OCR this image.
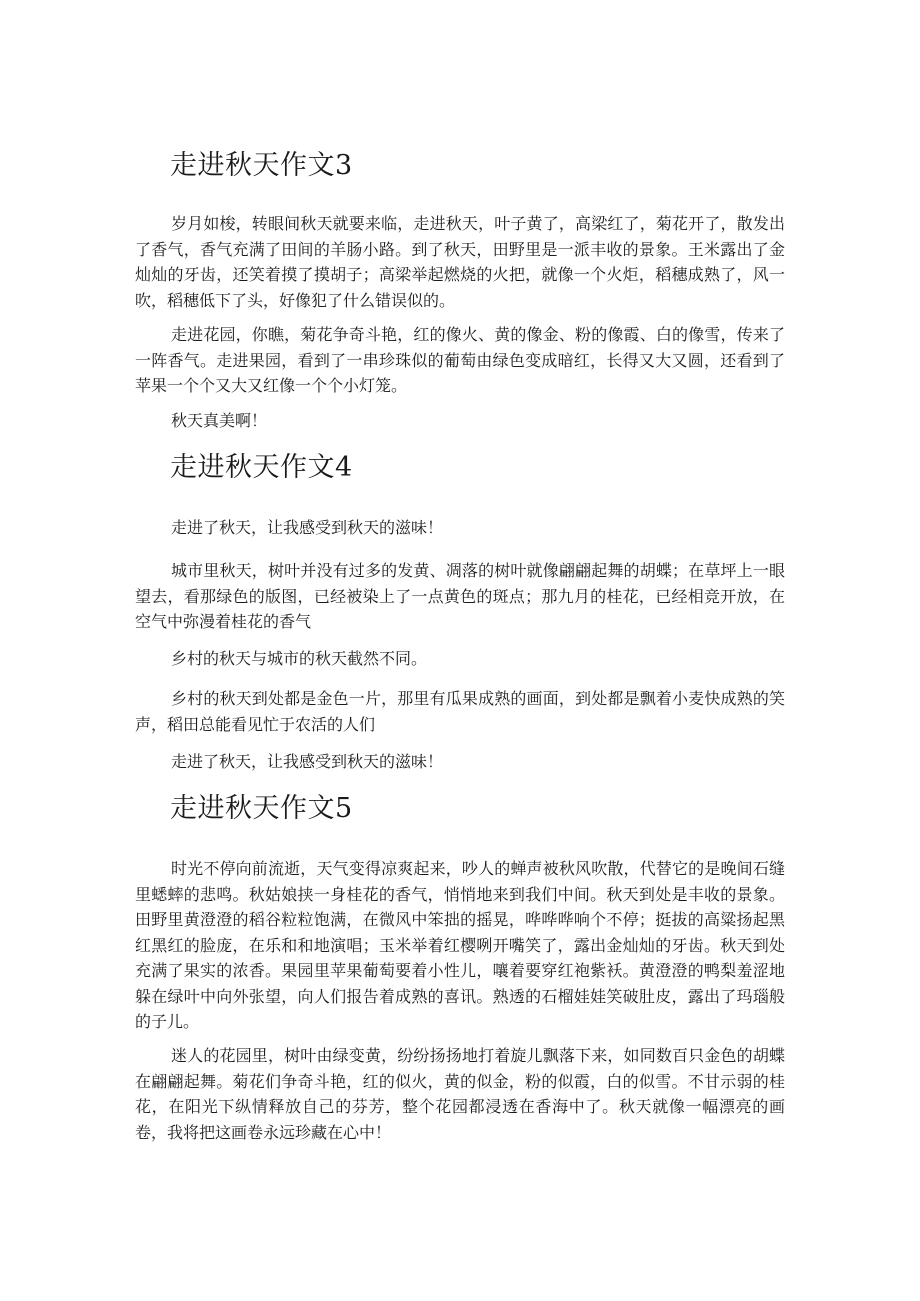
走进秋天作文3

岁月如梭，转眼间秋天就要来临，走进秋天，叶子黄了，高梁红了，菊花开了，散发出了香气，香气充满了田间的羊肠小路。到了秋天，田野里是一派丰收的景象。王米露出了金灿灿的牙齿，还笑着摸了摸胡子；高梁举起燃烧的火把，就像一个火炬，稻穗成熟了，风一吹，稻穗低下了头，好像犯了什么错误似的。

走进花园，你瞧，菊花争奇斗艳，红的像火、黄的像金、粉的像霞、白的像雪，传来了一阵香气。走进果园，看到了一串珍珠似的葡萄由绿色变成暗红，长得又大又圆，还看到了苹果一个个又大又红像一个个小灯笼。

秋天真美啊！

走进秋天作文4

走进了秋天，让我感受到秋天的滋味！

城市里秋天，树叶并没有过多的发黄、凋落的树叶就像翩翩起舞的胡蝶；在草坪上一眼望去，看那绿色的版图，已经被染上了一点黄色的斑点；那九月的桂花，已经相竞开放，在空气中弥漫着桂花的香气

乡村的秋天与城市的秋天截然不同。

乡村的秋天到处都是金色一片，那里有瓜果成熟的画面，到处都是飘着小麦快成熟的笑声，稻田总能看见忙于农活的人们

走进了秋天，让我感受到秋天的滋味！

走进秋天作文5

时光不停向前流逝，天气变得凉爽起来，吵人的蝉声被秋风吹散，代替它的是晚间石缝里蟋蟀的悲鸣。秋姑娘挟一身桂花的香气，悄悄地来到我们中间。秋天到处是丰收的景象。田野里黄澄澄的稻谷粒粒饱满，在微风中笨拙的摇晃，哗哗哗响个不停；挺拔的高粱扬起黑红黑红的脸庞，在乐和和地演唱；玉米举着红樱咧开嘴笑了，露出金灿灿的牙齿。秋天到处充满了果实的浓香。果园里苹果葡萄要着小性儿，嚷着要穿红袍紫袄。黄澄澄的鸭梨羞涩地躲在绿叶中向外张望，向人们报告着成熟的喜讯。熟透的石榴娃娃笑破肚皮，露出了玛瑙般的子儿。

迷人的花园里，树叶由绿变黄，纷纷扬扬地打着旋儿飘落下来，如同数百只金色的胡蝶在翩翩起舞。菊花们争奇斗艳，红的似火，黄的似金，粉的似霞，白的似雪。不甘示弱的桂花，在阳光下纵情释放自己的芬芳，整个花园都浸透在香海中了。秋天就像一幅漂亮的画卷，我将把这画卷永远珍藏在心中！
